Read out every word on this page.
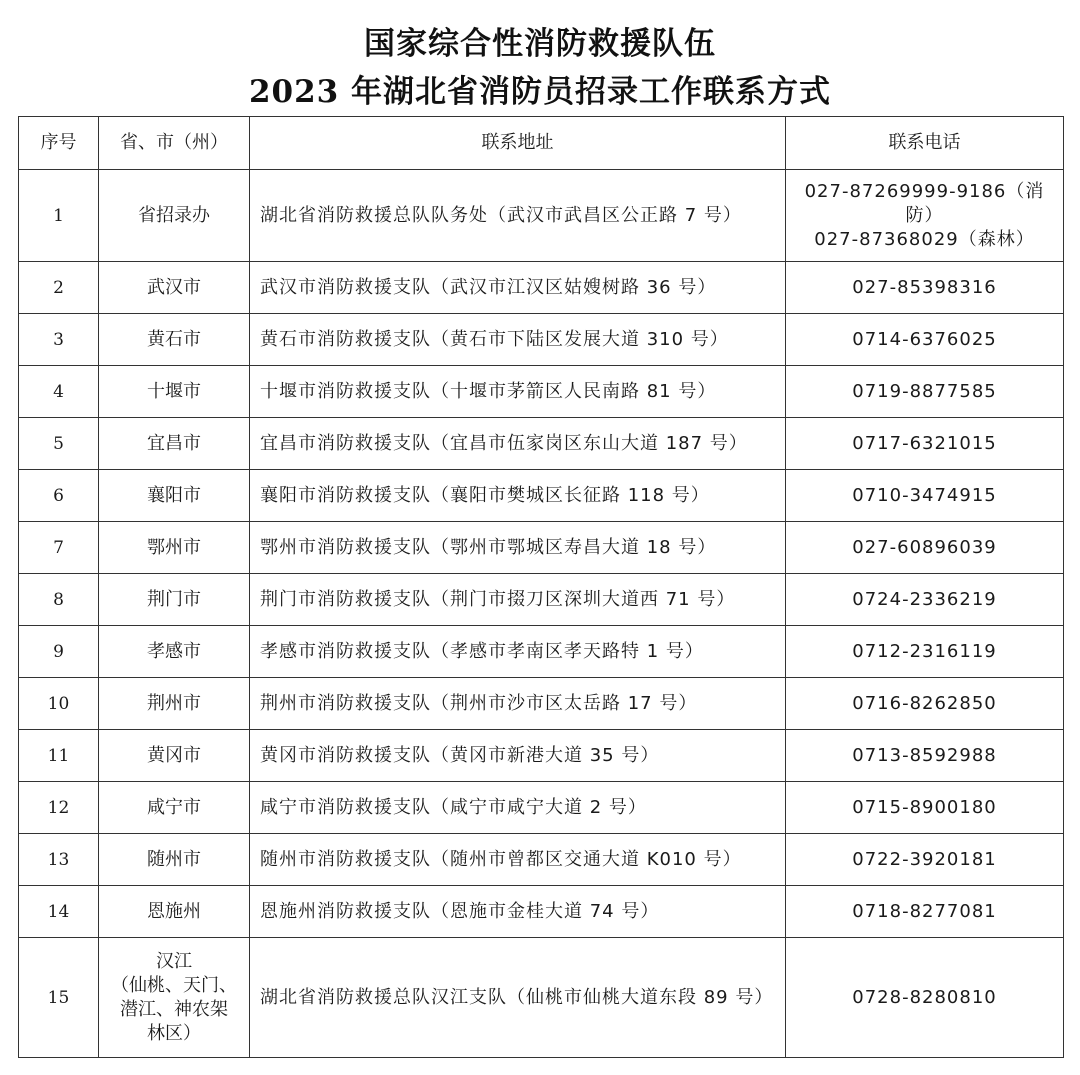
国家综合性消防救援队伍
2023 年湖北省消防员招录工作联系方式
序号	省、市（州）	联系地址	联系电话
1	省招录办	湖北省消防救援总队队务处（武汉市武昌区公正路 7 号）	027-87269999-9186（消防）
027-87368029（森林）

2	武汉市	武汉市消防救援支队（武汉市江汉区姑嫂树路 36 号）	027-85398316

3	黄石市	黄石市消防救援支队（黄石市下陆区发展大道 310 号）	0714-6376025

4	十堰市	十堰市消防救援支队（十堰市茅箭区人民南路 81 号）	0719-8877585

5	宜昌市	宜昌市消防救援支队（宜昌市伍家岗区东山大道 187 号）	0717-6321015

6	襄阳市	襄阳市消防救援支队（襄阳市樊城区长征路 118 号）	0710-3474915

7	鄂州市	鄂州市消防救援支队（鄂州市鄂城区寿昌大道 18 号）	027-60896039

8	荆门市	荆门市消防救援支队（荆门市掇刀区深圳大道西 71 号）	0724-2336219

9	孝感市	孝感市消防救援支队（孝感市孝南区孝天路特 1 号）	0712-2316119

10	荆州市	荆州市消防救援支队（荆州市沙市区太岳路 17 号）	0716-8262850

11	黄冈市	黄冈市消防救援支队（黄冈市新港大道 35 号）	0713-8592988

12	咸宁市	咸宁市消防救援支队（咸宁市咸宁大道 2 号）	0715-8900180

13	随州市	随州市消防救援支队（随州市曾都区交通大道 K010 号）	0722-3920181

14	恩施州	恩施州消防救援支队（恩施市金桂大道 74 号）	0718-8277081

15	汉江
（仙桃、天门、
潜江、神农架
林区）	湖北省消防救援总队汉江支队（仙桃市仙桃大道东段 89 号）	0728-8280810
